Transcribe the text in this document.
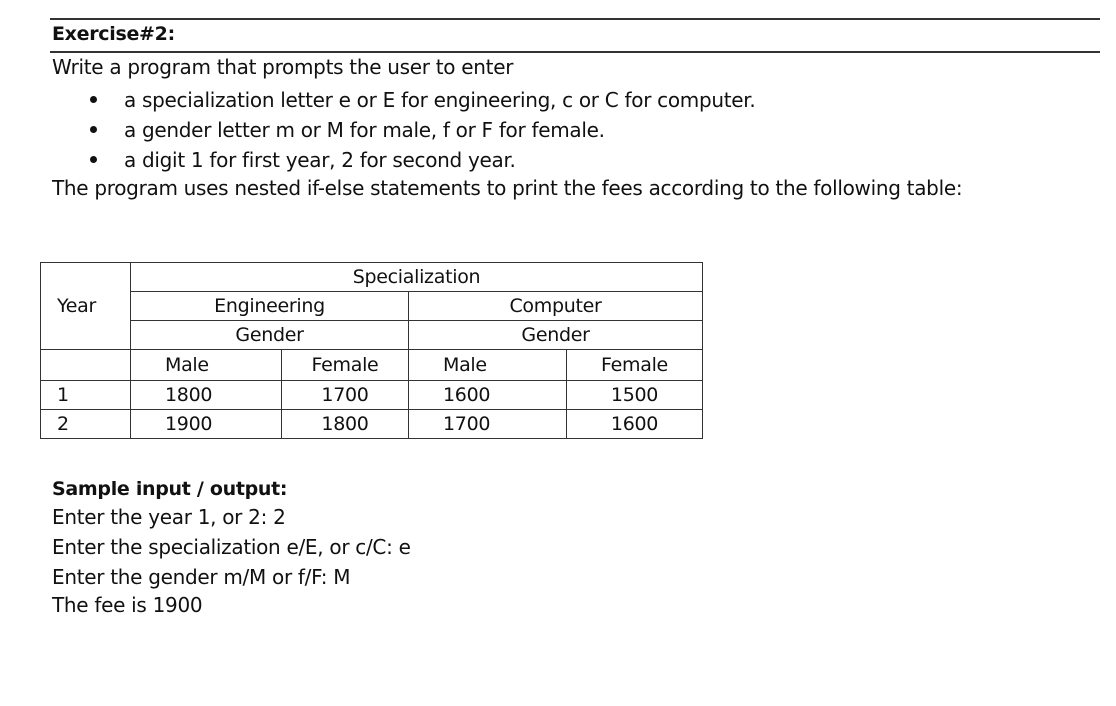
Exercise#2:
Write a program that prompts the user to enter
a specialization letter e or E for engineering, c or C for computer.
a gender letter m or M for male, f or F for female.
a digit 1 for first year, 2 for second year.
The program uses nested if-else statements to print the fees according to the following table:
Year	Specialization			
	Engineering		Computer	
	Gender		Gender	
	Male	Female	Male	Female
1	1800	1700	1600	1500
2	1900	1800	1700	1600
Sample input / output:
Enter the year 1, or 2: 2
Enter the specialization e/E, or c/C: e
Enter the gender m/M or f/F: M
The fee is 1900
